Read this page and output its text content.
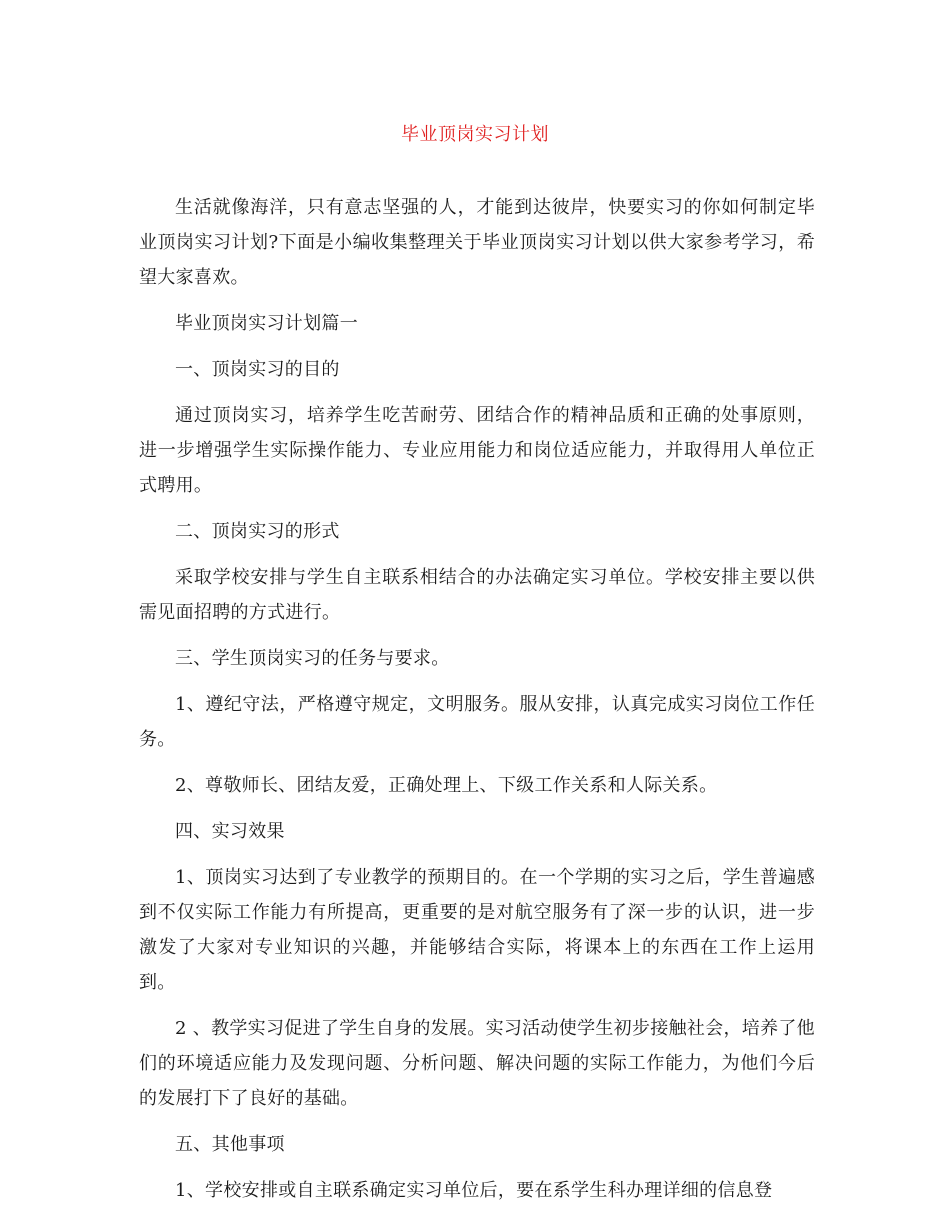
毕业顶岗实习计划

生活就像海洋，只有意志坚强的人，才能到达彼岸，快要实习的你如何制定毕业顶岗实习计划?下面是小编收集整理关于毕业顶岗实习计划以供大家参考学习，希望大家喜欢。

毕业顶岗实习计划篇一

一、顶岗实习的目的

通过顶岗实习，培养学生吃苦耐劳、团结合作的精神品质和正确的处事原则，进一步增强学生实际操作能力、专业应用能力和岗位适应能力，并取得用人单位正式聘用。

二、顶岗实习的形式

采取学校安排与学生自主联系相结合的办法确定实习单位。学校安排主要以供需见面招聘的方式进行。

三、学生顶岗实习的任务与要求。

1、遵纪守法，严格遵守规定，文明服务。服从安排，认真完成实习岗位工作任务。

2、尊敬师长、团结友爱，正确处理上、下级工作关系和人际关系。

四、实习效果

1、顶岗实习达到了专业教学的预期目的。在一个学期的实习之后，学生普遍感到不仅实际工作能力有所提高，更重要的是对航空服务有了深一步的认识，进一步激发了大家对专业知识的兴趣，并能够结合实际，将课本上的东西在工作上运用到。

2 、教学实习促进了学生自身的发展。实习活动使学生初步接触社会，培养了他们的环境适应能力及发现问题、分析问题、解决问题的实际工作能力，为他们今后的发展打下了良好的基础。

五、其他事项

1、学校安排或自主联系确定实习单位后，要在系学生科办理详细的信息登
